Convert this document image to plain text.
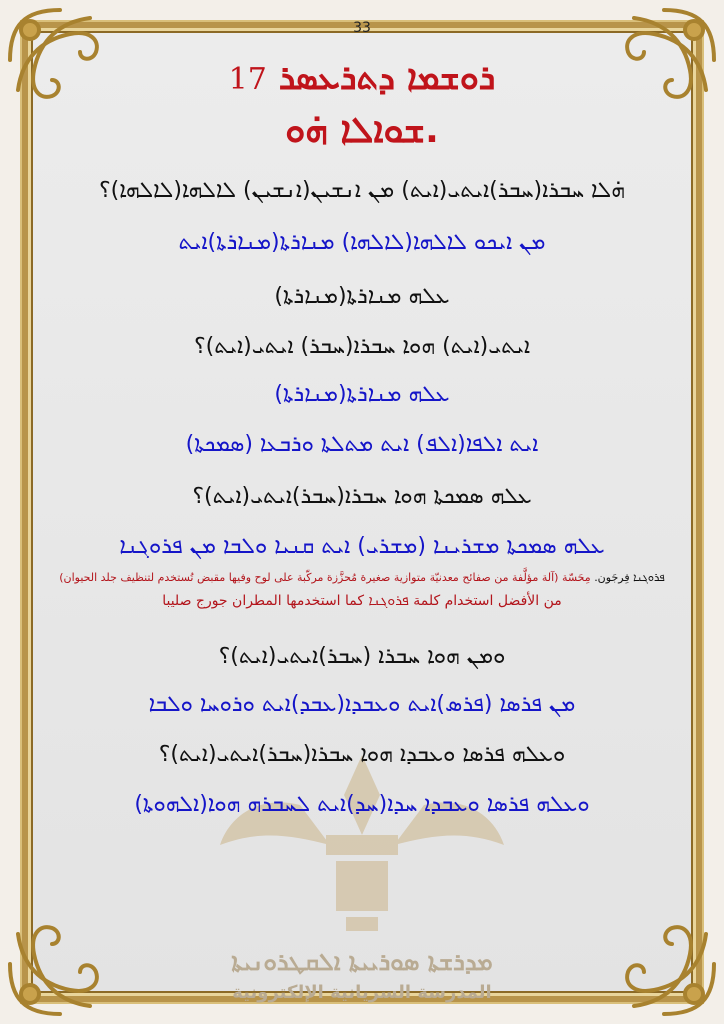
ܡܕܪܫܬܐ ܣܘܪܝܝܬܐ ܐܠܩܛܪܘܢܝܬܐ
المدرسة السريانية الإلكترونية
33
ܪܘܫܡܐ ܕܬܪܥܣܪ 17
ܫܘܐܠܐ ܗ̇ܘ.
ܗ̇ܠܐ ܚܒܪܐ(ܚܒܪ)ܐܝܬܝ(ܐܝܬ) ܡܢ ܐܢܫܝܢ(ܐܢܫܝܢ) ܠܐܠܗܐ(ܠܐܠܗܐ)؟
ܡܢ ܐܝܟܘ ܠܐܠܗܐ(ܠܐܠܗܐ) ܡܢܐܪܬܐ(ܡܢܐܪܬܐ)ܐܝܬ
ܥܠܗ ܡܢܐܪܬܐ(ܡܢܐܪܬܐ)
ܐܝܬܝ(ܐܝܬ) ܗܘܐ ܚܒܪܐ(ܚܒܪ) ܐܝܬܝ(ܐܝܬ)؟
ܥܠܗ ܡܢܐܪܬܐ(ܡܢܐܪܬܐ)
ܐܝܬ ܐܠܦܐ(ܐܠܦ) ܐܝܬ ܡܬܠܬܐ ܘܪܒܥܐ (ܣܡܟܬܐ)
ܥܠܗ ܣܡܟܬܐ ܗܘܐ ܚܒܪܐ(ܚܒܪ)ܐܝܬܝ(ܐܝܬ)؟
ܥܠܗ ܣܡܟܬܐ ܡܫܪܝܢܐ (ܡܫܪܝ) ܐܝܬ ܩܢܝܐ ܘܠܒܐ ܡܢ ܦܪܘܓܢܐ
ܦܪܘܓܢܐ فِرجَون. مِحَسّة (آلة مؤلَّفة من صفائح معدنيّة متوازية صغيرة مُحزَّزة مركّبة على لوح وفيها مقبض تُستخدم لتنظيف جلد الحيوان)
من الأفضل استخدام كلمة ܦܪܘܓܢܐ كما استخدمها المطران جورج صليبا
ܘܡܢ ܗܘܐ ܚܒܪܐ (ܚܒܪ)ܐܝܬܝ(ܐܝܬ)؟
ܡܢ ܦܪܣܐ (ܦܪܣ)ܐܝܬ ܘܥܒܕܐ(ܥܒܕ)ܐܝܬ ܘܪܘܚܐ ܘܠܒܐ
ܘܥܠܗ ܦܪܣܐ ܘܥܒܕܐ ܗܘܐ ܚܒܪܐ(ܚܒܪ)ܐܝܬܝ(ܐܝܬ)؟
ܘܥܠܗ ܦܪܣܐ ܘܥܒܕܐ ܚܕܐ(ܚܕ)ܐܝܬ ܠܚܒܪܗ ܗܘܐ(ܐܠܗܘܬܐ)
